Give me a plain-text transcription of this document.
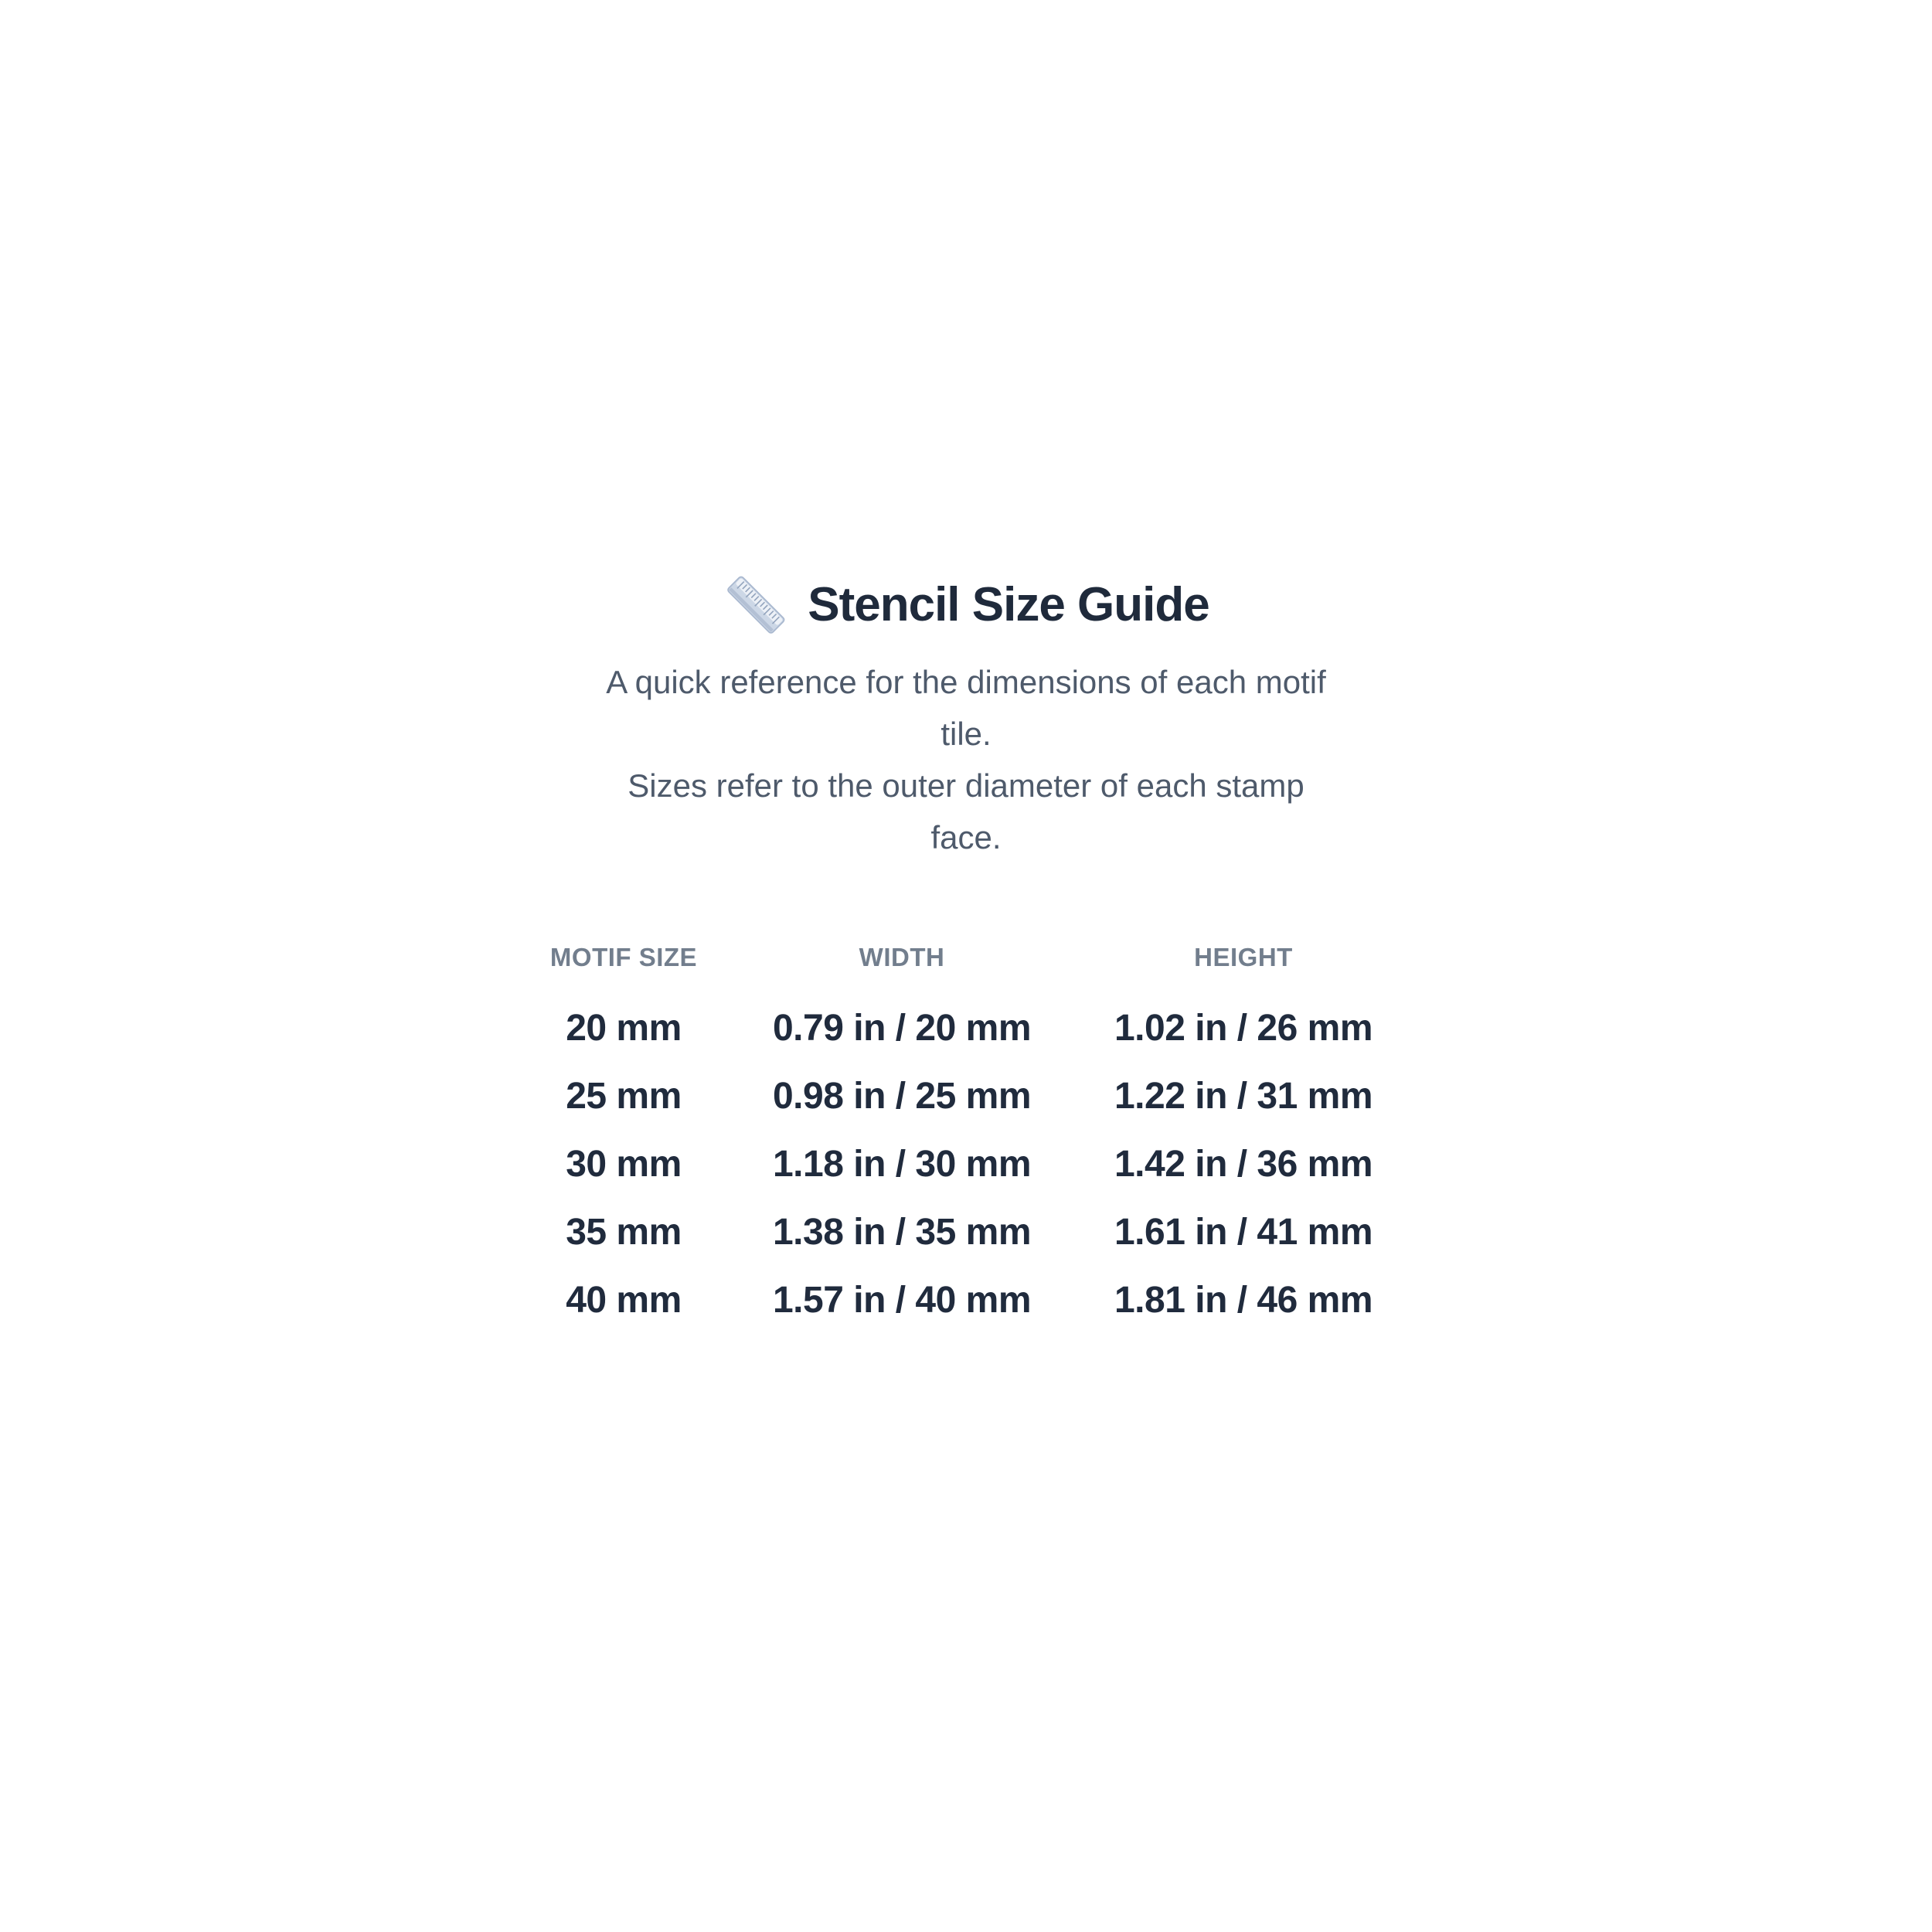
Stencil Size Guide
A quick reference for the dimensions of each motif
tile.
Sizes refer to the outer diameter of each stamp
face.
MOTIF SIZE	WIDTH	HEIGHT
20 mm	0.79 in / 20 mm	1.02 in / 26 mm
25 mm	0.98 in / 25 mm	1.22 in / 31 mm
30 mm	1.18 in / 30 mm	1.42 in / 36 mm
35 mm	1.38 in / 35 mm	1.61 in / 41 mm
40 mm	1.57 in / 40 mm	1.81 in / 46 mm
